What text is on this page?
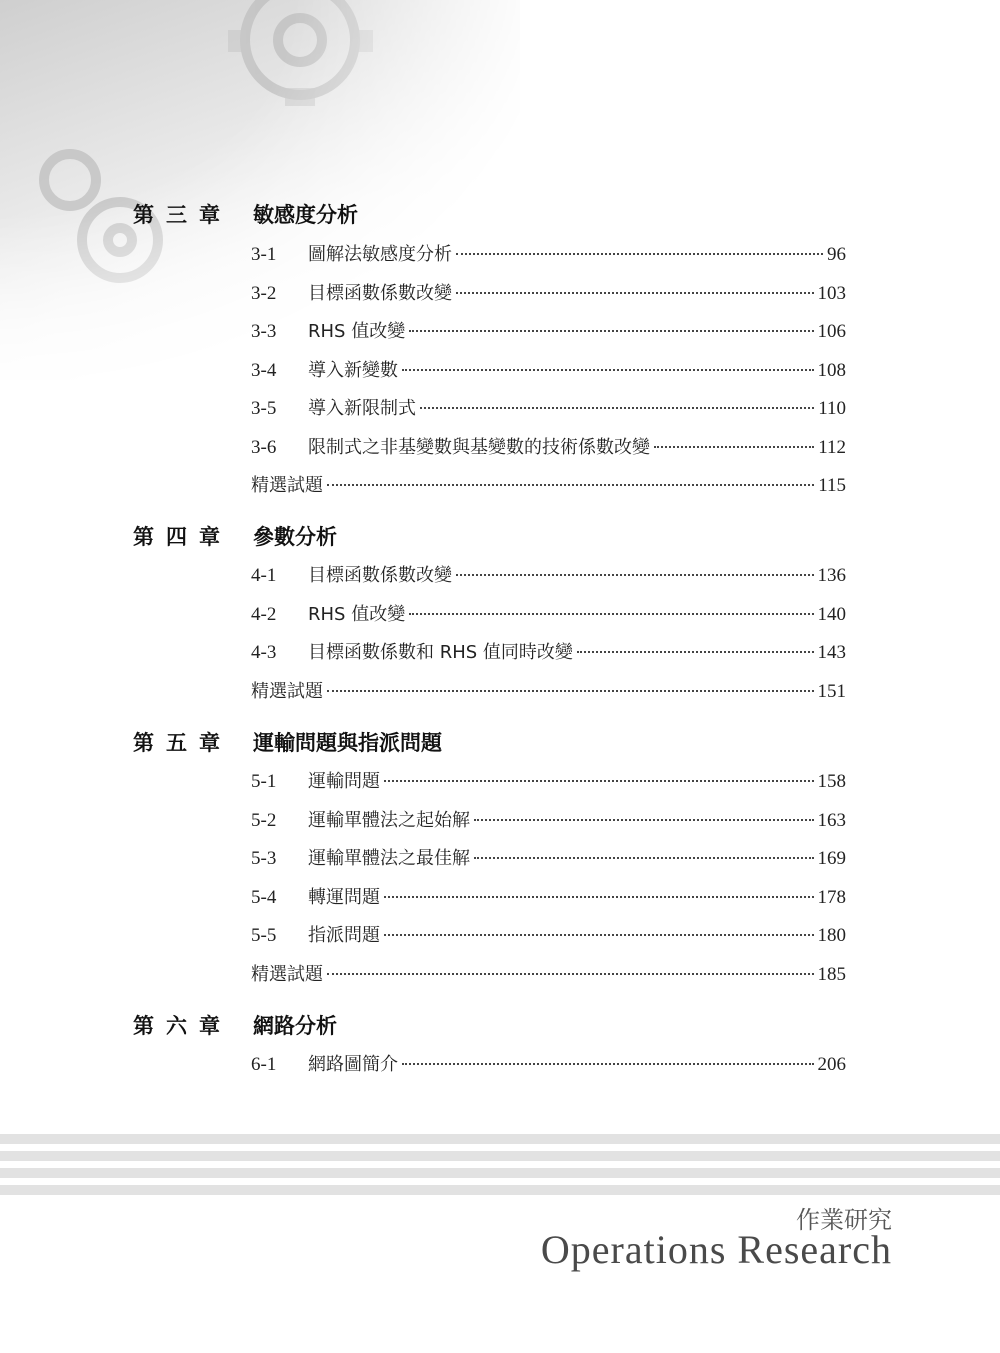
第三章 敏感度分析
3-1	圖解法敏感度分析	96
3-2	目標函數係數改變	103
3-3	RHS 值改變	106
3-4	導入新變數	108
3-5	導入新限制式	110
3-6	限制式之非基變數與基變數的技術係數改變	112
精選試題	115
第四章 參數分析
4-1	目標函數係數改變	136
4-2	RHS 值改變	140
4-3	目標函數係數和 RHS 值同時改變	143
精選試題	151
第五章 運輸問題與指派問題
5-1	運輸問題	158
5-2	運輸單體法之起始解	163
5-3	運輸單體法之最佳解	169
5-4	轉運問題	178
5-5	指派問題	180
精選試題	185
第六章 網路分析
6-1	網路圖簡介	206
作業研究
Operations Research
